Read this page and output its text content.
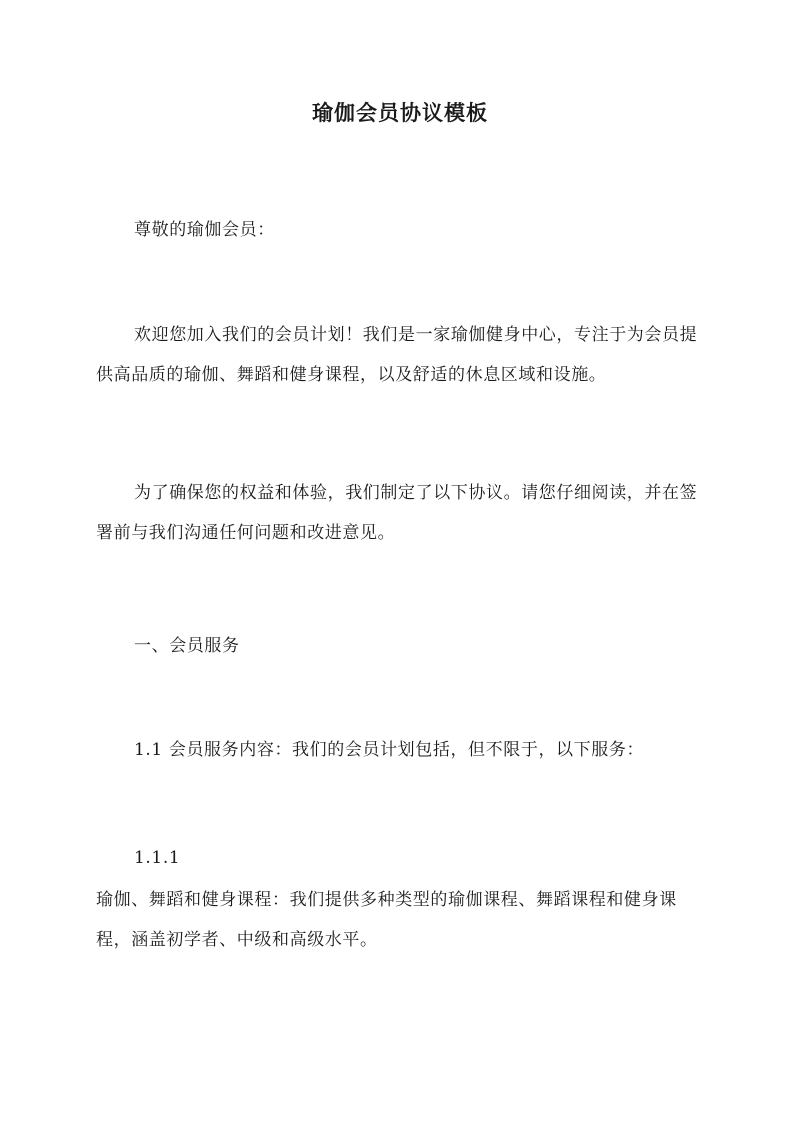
瑜伽会员协议模板

尊敬的瑜伽会员：

欢迎您加入我们的会员计划！我们是一家瑜伽健身中心，专注于为会员提供高品质的瑜伽、舞蹈和健身课程，以及舒适的休息区域和设施。

为了确保您的权益和体验，我们制定了以下协议。请您仔细阅读，并在签署前与我们沟通任何问题和改进意见。

一、会员服务

1.1 会员服务内容：我们的会员计划包括，但不限于，以下服务：

1.1.1

瑜伽、舞蹈和健身课程：我们提供多种类型的瑜伽课程、舞蹈课程和健身课程，涵盖初学者、中级和高级水平。
